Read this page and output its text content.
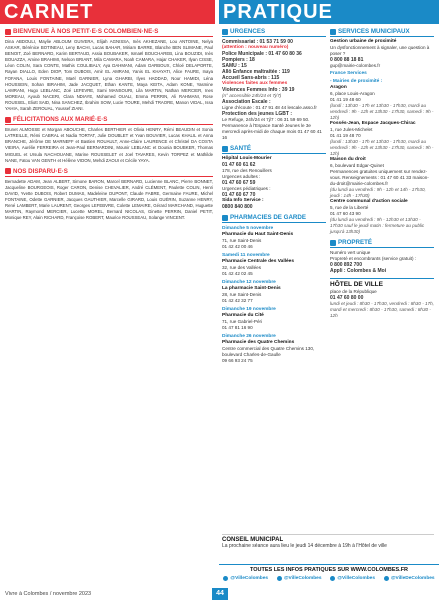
CARNET	PRATIQUE
BIENVENUE À NOS PETIT·E·S COLOMBIEN·NE·S
Dina ABDOULI, Maylie ABLOUM GUIVERA, Elijah AGNISSA, Inès AKHEZANE, Lou ANTOINE, Nelya ASKAR, Bérénice BOTINEAU, Leny BACHI, Lucas BAHAR, Miriam BARRE, Blanche BEN SLIMANE, Paul BENOIT, Zoé BERNARD, Karim BERTAUD, Assia BOUBAKER, Ismaël BOUCHAREB, Lina BOUZIDI, Inès BOUAZZA, Amine BRAHIMI, Nelson BRIANT, Mila CAMARA, Noah CAMARA, Hajar CHAKER, Ilyan CISSE, Léon COLIN, Sara CONTE, Mathis COULIBALY, Aya DAHMANI, Adam DARBOUX, Chloé DELAPORTE, Rayan DIALLO, Eden DIOP, Tom DUBOIS, Amir EL AMRANI, Yanis EL KHAYATI, Alice FAURE, Inaya FOFANA, Louis FONTAINE, Maël GARNIER, Lyna GHARBI, Ilyes HADDAD, Nour HAMIDI, Léna HOUSSEIN, Sohan IBRAHIM, Jade JACQUET, Ethan KANTE, Maya KEITA, Adam KONE, Yasmine LAMRANI, Hugo LEBLANC, Zoé LEFEVRE, Sami MANSOURI, Lila MARTIN, Nathan MERCIER, Ines MOREAU, Ayoub NACERI, Clara NDIAYE, Mohamed OUALI, Emma PERRIN, Ali RAHMANI, Rose ROUSSEL, Eliott SAID, Nina SANCHEZ, Ibrahim SOW, Lucie TOURE, Mehdi TRAORE, Manon VIDAL, Issa YAHIA, Sarah ZEROUAL, Youssef ZIANI.
FÉLICITATIONS AUX MARIÉ·E·S
Brunet ALMOSSE et Morgan ABOUCHE, Charles BERTHIER et Olivia HENRY, Rémi BEAUDIN et Sonia LATREILLE, Rémi CABRAL et Nadia TORTAT, Julie DOUBLET et Yvan BOUVIER, Lucas KHALIL et Anna BRANCHE, Jérôme DE MARNEFF et Bastien ROUAULT, Anne-Claire LAURENCE et Christel DA COSTA VIEIRA, Aurélie FERREIRA et Jean-Paul BERNARDINI, Mounir LEBLANC et Dounia BOUBKER, Thomas MIGUEL et Ursula NACHOUANE, Marine ROUSSELET et Joel TAVARES, Kevin TORPEZ et Mathilde NANE, Fatou VAN GENTH et Hélène VIDON, Mehdi ZAOUI et Cécile YAYA.
NOS DISPARU·E·S
Bernadette ADAM, Jean ALBERT, Simone BARON, Marcel BERNARD, Lucienne BLANC, Pierre BONNET, Jacqueline BOURGEOIS, Roger CARON, Denise CHEVALIER, André CLÉMENT, Paulette COLIN, Henri DAVID, Yvette DUBOIS, Robert DUMAS, Madeleine DUPONT, Claude FABRE, Germaine FAURE, Michel FONTAINE, Odette GARNIER, Jacques GAUTHIER, Marcelle GIRARD, Louis GUÉRIN, Suzanne HENRY, René LAMBERT, Marie LAURENT, Georges LEFEBVRE, Colette LEMAIRE, Gérard MARCHAND, Huguette MARTIN, Raymond MERCIER, Lucette MOREL, Bernard NICOLAS, Ginette PERRIN, Daniel PETIT, Monique REY, Alain RICHARD, Françoise ROBERT, Maurice ROUSSEAU, Solange VINCENT.
URGENCES
Commissariat : 01 53 71 59 00
(attention : nouveau numéro)
Police Municipale : 01 47 60 80 36
Pompiers : 18
SAMU : 15
Allô Enfance maltraitée : 119
Accueil Sans-abris : 115
Violences faites aux femmes
Violences Femmes Info : 39 19
(n° accessible 24h/24 et 7j/7)
Association Escale :
Ligne d'écoute : 01 47 91 48 44 lescale.asso.fr
Protection des jeunes LGBT :
Le Refuge, 24h/24 et 7j/7 : 06 31 59 69 50. Permanence à l'Espace Santé Jeunes le 3e mercredi après-midi de chaque mois 01 47 60 41 16
SANTÉ
Hôpital Louis-Mourier
01 47 60 61 62
178, rue des Renouillers
Urgences adultes :
01 47 60 67 59
Urgences pédiatriques :
01 47 60 67 70
Sida Info Service :
0800 840 800
PHARMACIES DE GARDE
Dimanche 5 novembre
Pharmacie du Haut Saint-Denis
71, rue Saint-Denis
01 42 42 00 46
Samedi 11 novembre
Pharmacie Centrale des Vallées
32, rue des Vallées
01 42 42 02 45
Dimanche 12 novembre
La pharmacie Saint-Denis
28, rue Saint-Denis
01 42 42 32 77
Dimanche 19 novembre
Pharmacie du Cité
71, rue Gabriel-Péri
01 47 81 16 90
Dimanche 26 novembre
Pharmacie des Quatre Chemins
Centre commercial des Quatre Chemins 130, boulevard Charles-de-Gaulle
09 66 93 24 75
SERVICES MUNICIPAUX
Gestion urbaine de proximité
Un dysfonctionnement à signaler, une question à poser ?
0 800 88 18 81
gup@mairie-colombes.fr
France Services
- Mairies de proximité :
Aragon
6, place Louis-Aragon
01 41 19 48 60
(lundi : 13h30 - 17h et 13h30 - 17h30, mardi au vendredi : 9h - 12h et 13h30 - 17h30, samedi : 9h - 12h)
Fossés-Jean, Espace Jacques-Chirac
1, rue Jules-Michelet
01 41 19 48 70
(lundi : 13h30 - 17h et 13h30 - 17h30, mardi au vendredi : 9h - 12h et 13h30 - 17h30, samedi : 9h - 12h)
Maison du droit
6, boulevard Edgar-Quinet
Permanences gratuites uniquement sur rendez-vous. Renseignements : 01 47 60 41 33 maison-du-droit@mairie-colombes.fr
(du lundi au vendredi : 9h - 12h et 14h - 17h30, jeudi : 14h - 17h30)
Centre communal d'action sociale
5, rue de la Liberté
01 47 60 43 90
(du lundi au vendredi : 9h - 12h30 et 13h30 - 17h30 sauf le jeudi matin : fermeture au public jusqu'à 13h30)
PROPRETÉ
Numéro vert unique
Propreté et encombrants (service gratuit) :
0 800 892 700
Appli : Colombes & Moi
HÔTEL DE VILLE
place de la République
01 47 60 80 00
lundi et jeudi : 8h30 - 17h30, vendredi : 8h30 - 17h, mardi et mercredi : 8h30 - 17h30, samedi : 8h30 - 12h
CONSEIL MUNICIPAL
La prochaine séance aura lieu le jeudi 14 décembre à 19h à l'Hôtel de ville
TOUTES LES INFOS PRATIQUES SUR WWW.COLOMBES.FR
@VilleColombes	@VilleColombes	@VilleColombes	@VilleDeColombes
Vivre à Colombes / novembre 2023	44
